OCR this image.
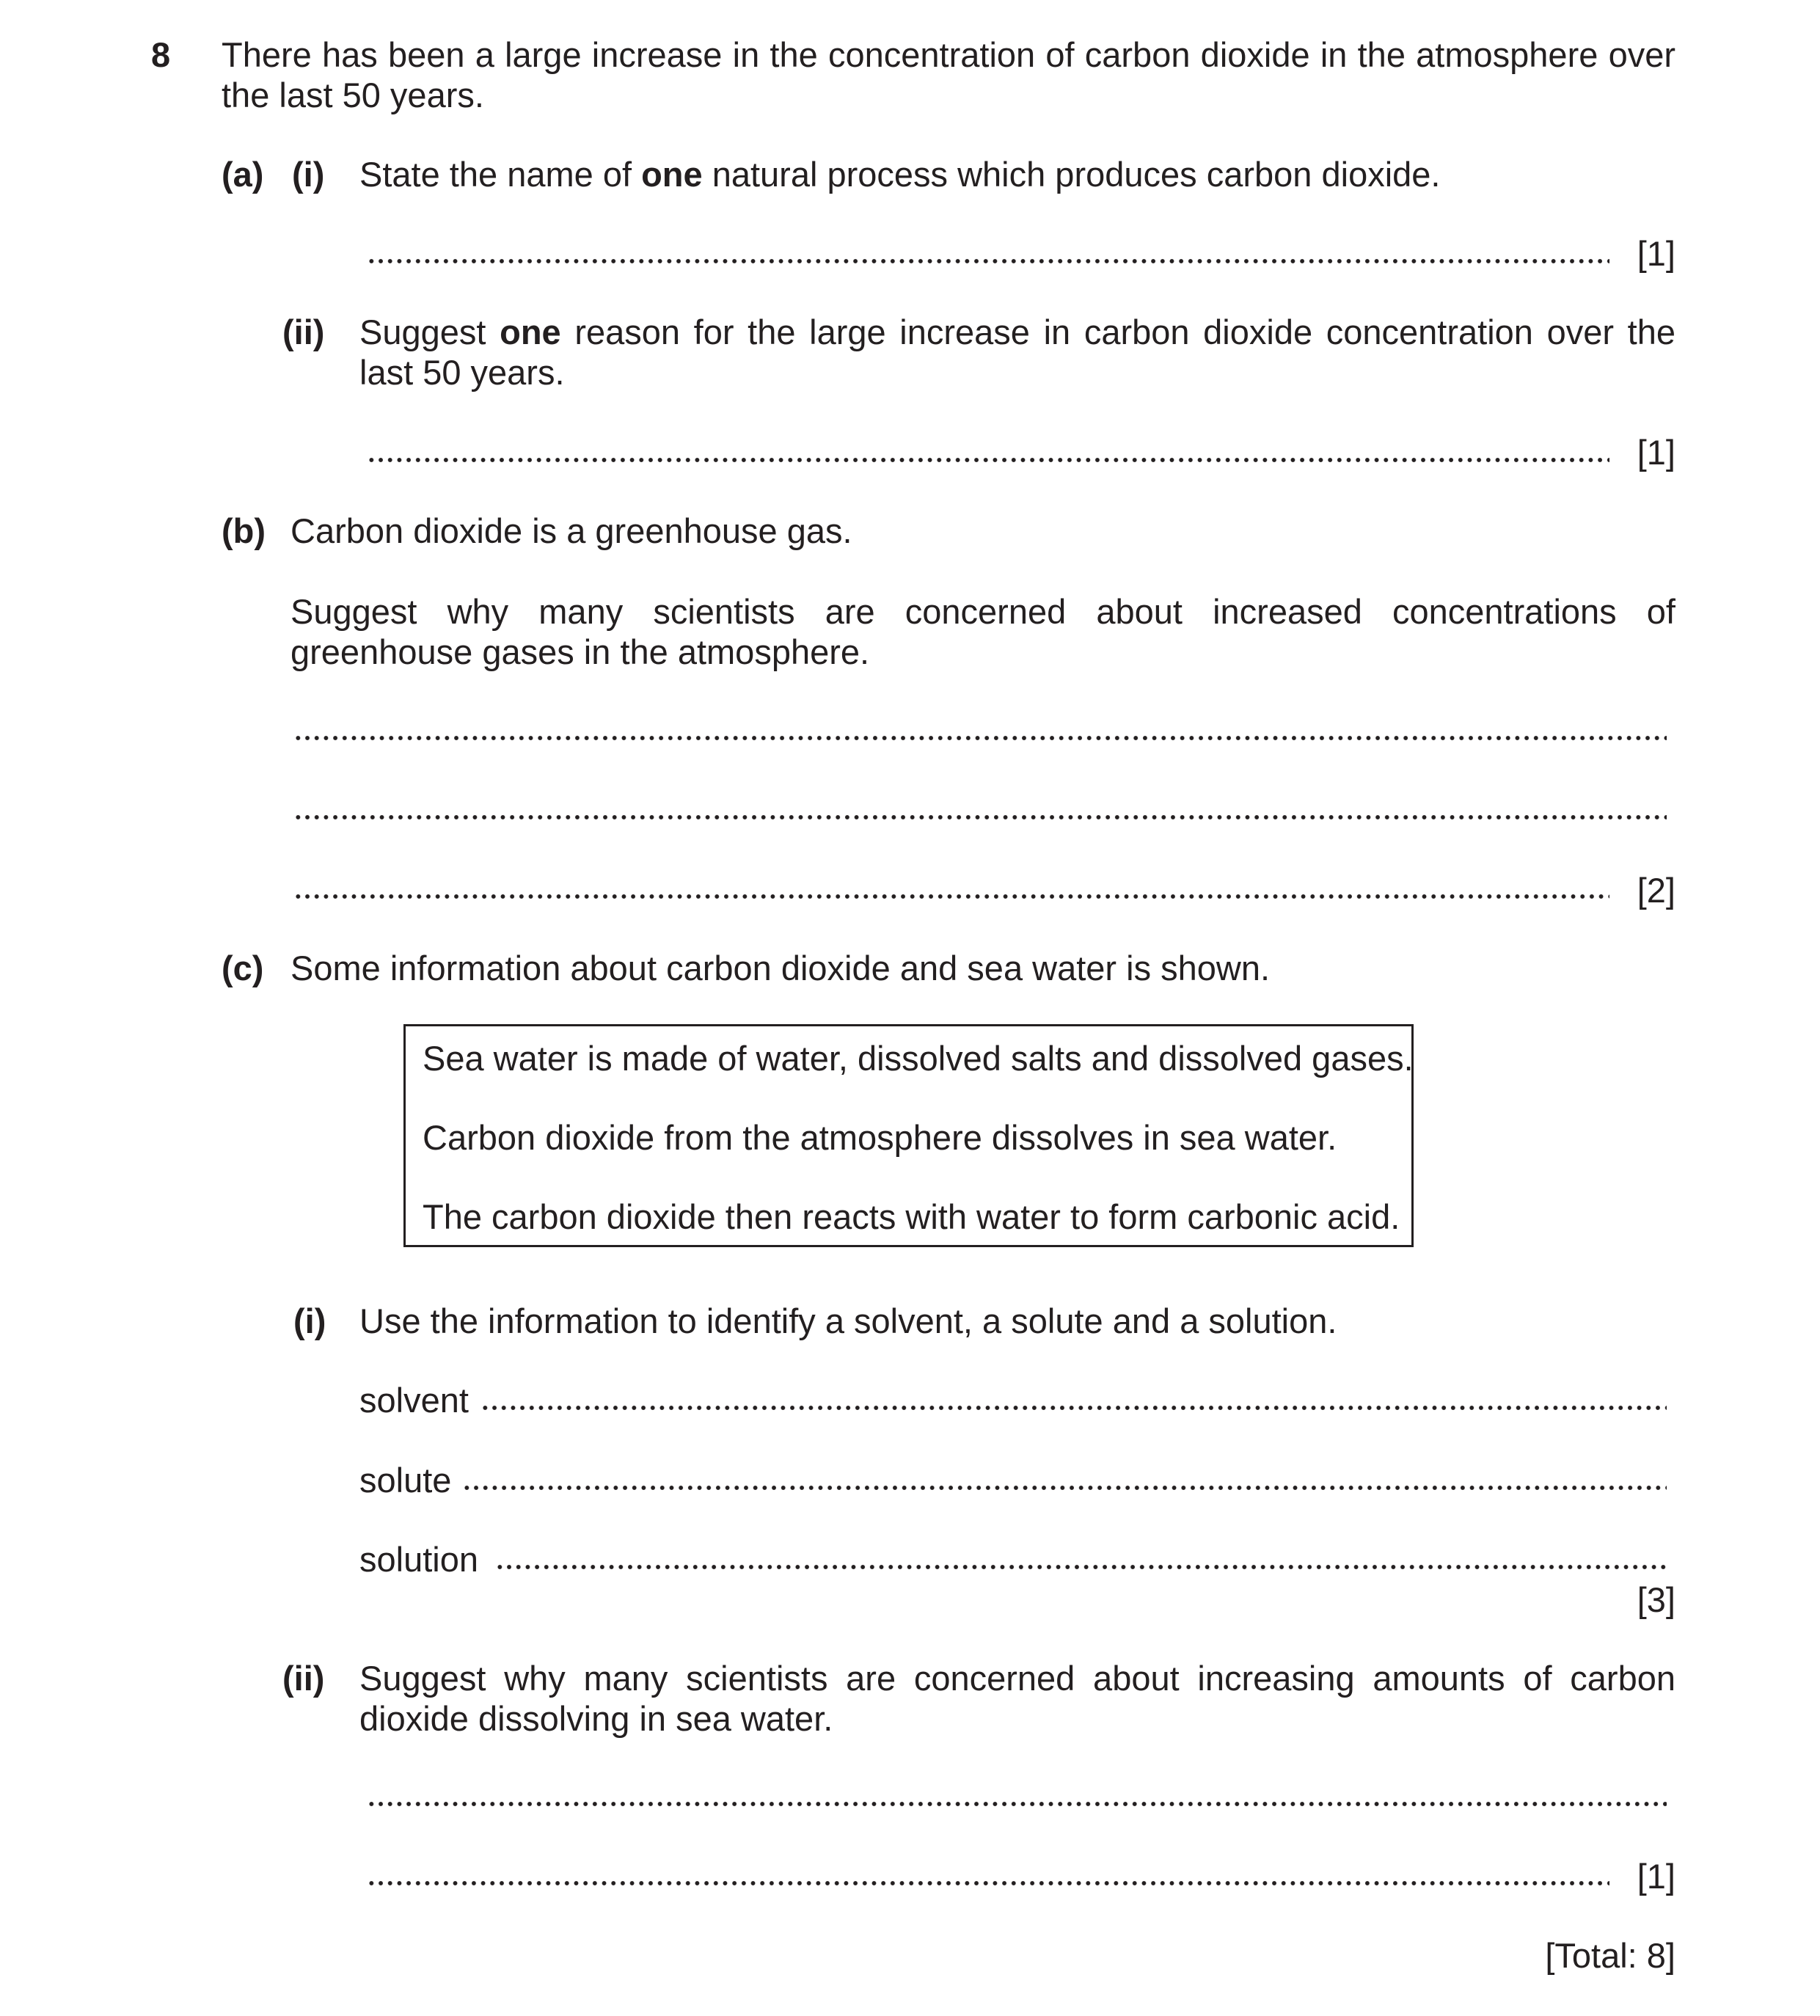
8 There has been a large increase in the concentration of carbon dioxide in the atmosphere over the last 50 years.
(a) (i) State the name of one natural process which produces carbon dioxide.
[1]
(ii) Suggest one reason for the large increase in carbon dioxide concentration over the last 50 years.
[1]
(b) Carbon dioxide is a greenhouse gas.
Suggest why many scientists are concerned about increased concentrations of greenhouse gases in the atmosphere.
[2]
(c) Some information about carbon dioxide and sea water is shown.
Sea water is made of water, dissolved salts and dissolved gases.
Carbon dioxide from the atmosphere dissolves in sea water.
The carbon dioxide then reacts with water to form carbonic acid.
(i) Use the information to identify a solvent, a solute and a solution.
solvent
solute
solution
[3]
(ii) Suggest why many scientists are concerned about increasing amounts of carbon dioxide dissolving in sea water.
[1]
[Total: 8]
